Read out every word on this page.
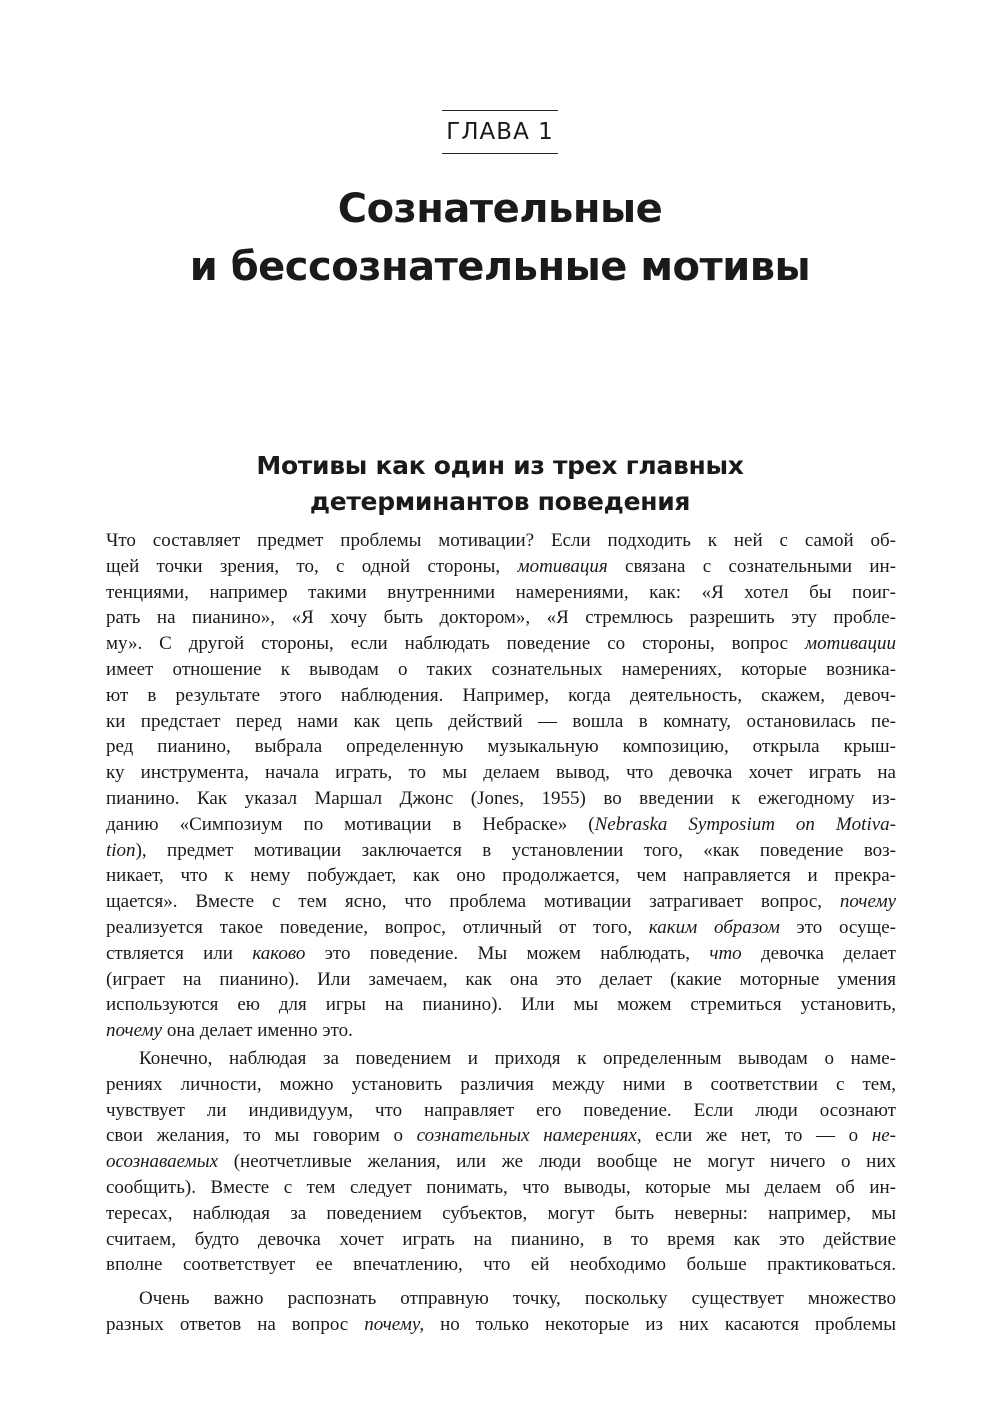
ГЛАВА 1
Сознательные
и бессознательные мотивы
Мотивы как один из трех главных
детерминантов поведения

Что составляет предмет проблемы мотивации? Если подходить к ней с самой об-
щей точки зрения, то, с одной стороны, мотивация связана с сознательными ин-
тенциями, например такими внутренними намерениями, как: «Я хотел бы поиг-
рать на пианино», «Я хочу быть доктором», «Я стремлюсь разрешить эту пробле-
му». С другой стороны, если наблюдать поведение со стороны, вопрос мотивации
имеет отношение к выводам о таких сознательных намерениях, которые возника-
ют в результате этого наблюдения. Например, когда деятельность, скажем, девоч-
ки предстает перед нами как цепь действий — вошла в комнату, остановилась пе-
ред пианино, выбрала определенную музыкальную композицию, открыла крыш-
ку инструмента, начала играть, то мы делаем вывод, что девочка хочет играть на
пианино. Как указал Маршал Джонс (Jones, 1955) во введении к ежегодному из-
данию «Симпозиум по мотивации в Небраске» (Nebraska Symposium on Motiva-
tion), предмет мотивации заключается в установлении того, «как поведение воз-
никает, что к нему побуждает, как оно продолжается, чем направляется и прекра-
щается». Вместе с тем ясно, что проблема мотивации затрагивает вопрос, почему
реализуется такое поведение, вопрос, отличный от того, каким образом это осуще-
ствляется или каково это поведение. Мы можем наблюдать, что девочка делает
(играет на пианино). Или замечаем, как она это делает (какие моторные умения
используются ею для игры на пианино). Или мы можем стремиться установить,
почему она делает именно это.

Конечно, наблюдая за поведением и приходя к определенным выводам о наме-
рениях личности, можно установить различия между ними в соответствии с тем,
чувствует ли индивидуум, что направляет его поведение. Если люди осознают
свои желания, то мы говорим о сознательных намерениях, если же нет, то — о не-
осознаваемых (неотчетливые желания, или же люди вообще не могут ничего о них
сообщить). Вместе с тем следует понимать, что выводы, которые мы делаем об ин-
тересах, наблюдая за поведением субъектов, могут быть неверны: например, мы
считаем, будто девочка хочет играть на пианино, в то время как это действие
вполне соответствует ее впечатлению, что ей необходимо больше практиковаться.

Очень важно распознать отправную точку, поскольку существует множество
разных ответов на вопрос почему, но только некоторые из них касаются проблемы
